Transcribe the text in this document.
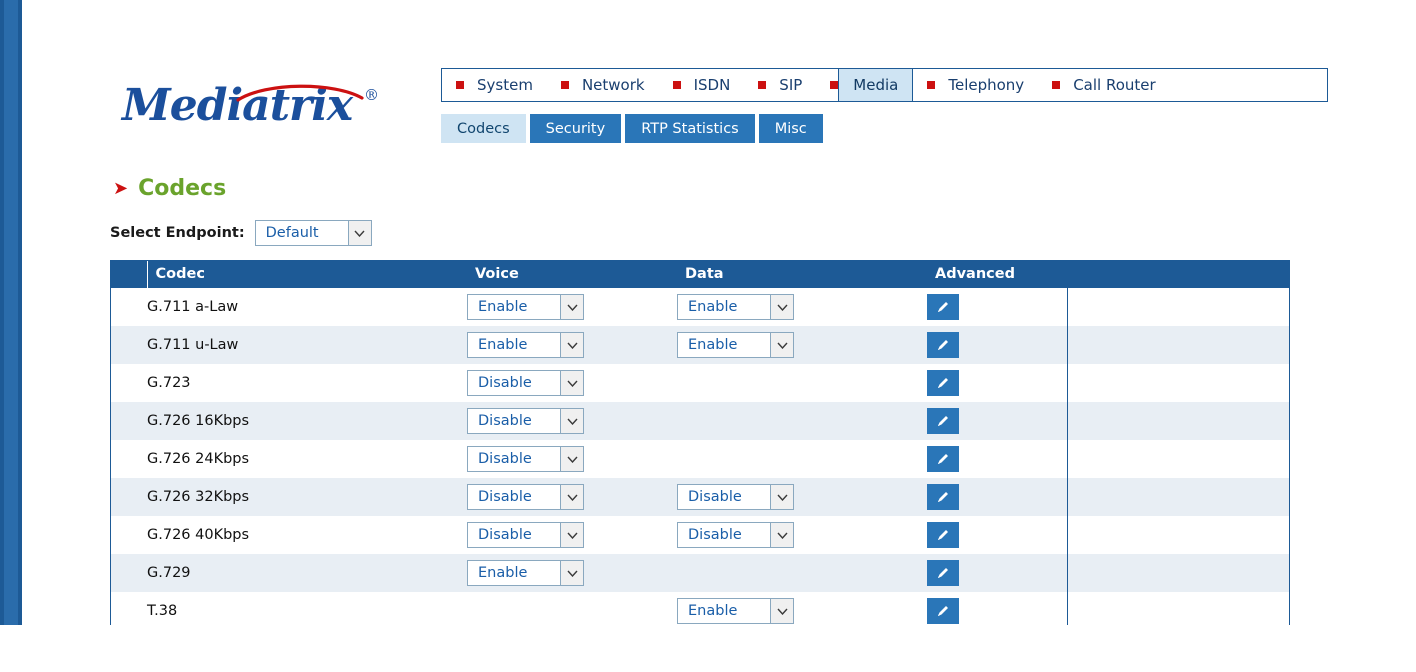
Mediatrix ®
System	Network	ISDN	SIP	Media	Telephony	Call Router
Codecs Security RTP Statistics Misc
➤ Codecs
Select Endpoint:	Default
	Codec	Voice	Data	Advanced	
	G.711 a-Law	Enable	Enable

	G.711 u-Law	Enable	Enable

	G.723	Disable

	G.726 16Kbps	Disable

	G.726 24Kbps	Disable

	G.726 32Kbps	Disable	Disable

	G.726 40Kbps	Disable	Disable

	G.729	Enable

	T.38		Enable
